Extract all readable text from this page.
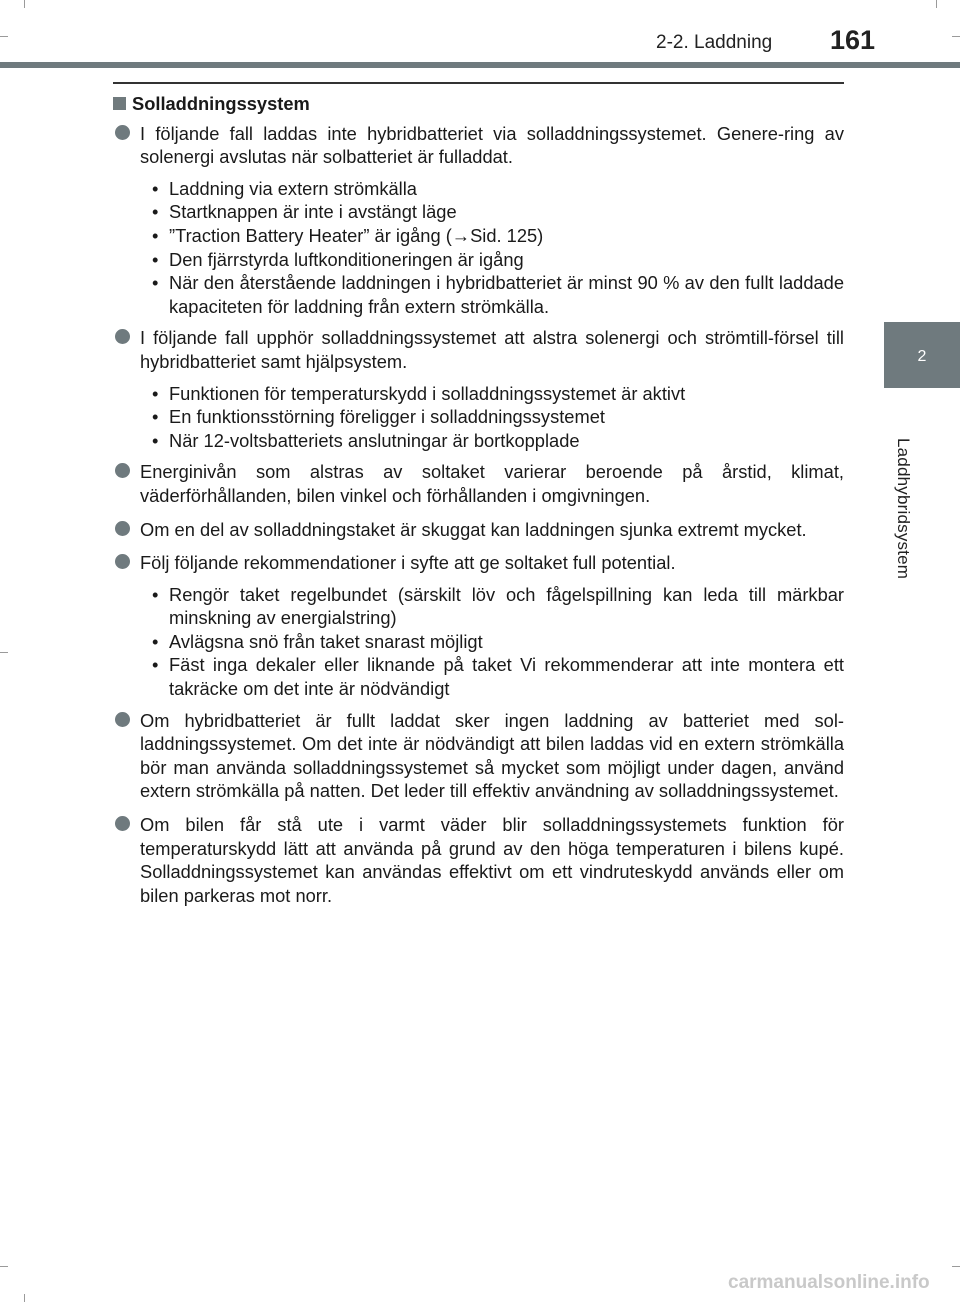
2-2. Laddning 161
2
Laddhybridsystem
Solladdningssystem
I följande fall laddas inte hybridbatteriet via solladdningssystemet. Genere-ring av solenergi avslutas när solbatteriet är fulladdat.
• Laddning via extern strömkälla
• Startknappen är inte i avstängt läge
• ”Traction Battery Heater” är igång (→Sid. 125)
• Den fjärrstyrda luftkonditioneringen är igång
• När den återstående laddningen i hybridbatteriet är minst 90 % av den fullt laddade kapaciteten för laddning från extern strömkälla.
I följande fall upphör solladdningssystemet att alstra solenergi och strömtill-försel till hybridbatteriet samt hjälpsystem.
• Funktionen för temperaturskydd i solladdningssystemet är aktivt
• En funktionsstörning föreligger i solladdningssystemet
• När 12-voltsbatteriets anslutningar är bortkopplade
Energinivån som alstras av soltaket varierar beroende på årstid, klimat, väderförhållanden, bilen vinkel och förhållanden i omgivningen.
Om en del av solladdningstaket är skuggat kan laddningen sjunka extremt mycket.
Följ följande rekommendationer i syfte att ge soltaket full potential.
• Rengör taket regelbundet (särskilt löv och fågelspillning kan leda till märkbar minskning av energialstring)
• Avlägsna snö från taket snarast möjligt
• Fäst inga dekaler eller liknande på taket Vi rekommenderar att inte montera ett takräcke om det inte är nödvändigt
Om hybridbatteriet är fullt laddat sker ingen laddning av batteriet med sol-laddningssystemet. Om det inte är nödvändigt att bilen laddas vid en extern strömkälla bör man använda solladdningssystemet så mycket som möjligt under dagen, använd extern strömkälla på natten. Det leder till effektiv användning av solladdningssystemet.
Om bilen får stå ute i varmt väder blir solladdningssystemets funktion för temperaturskydd lätt att använda på grund av den höga temperaturen i bilens kupé. Solladdningssystemet kan användas effektivt om ett vindruteskydd används eller om bilen parkeras mot norr.
carmanualsonline.info
